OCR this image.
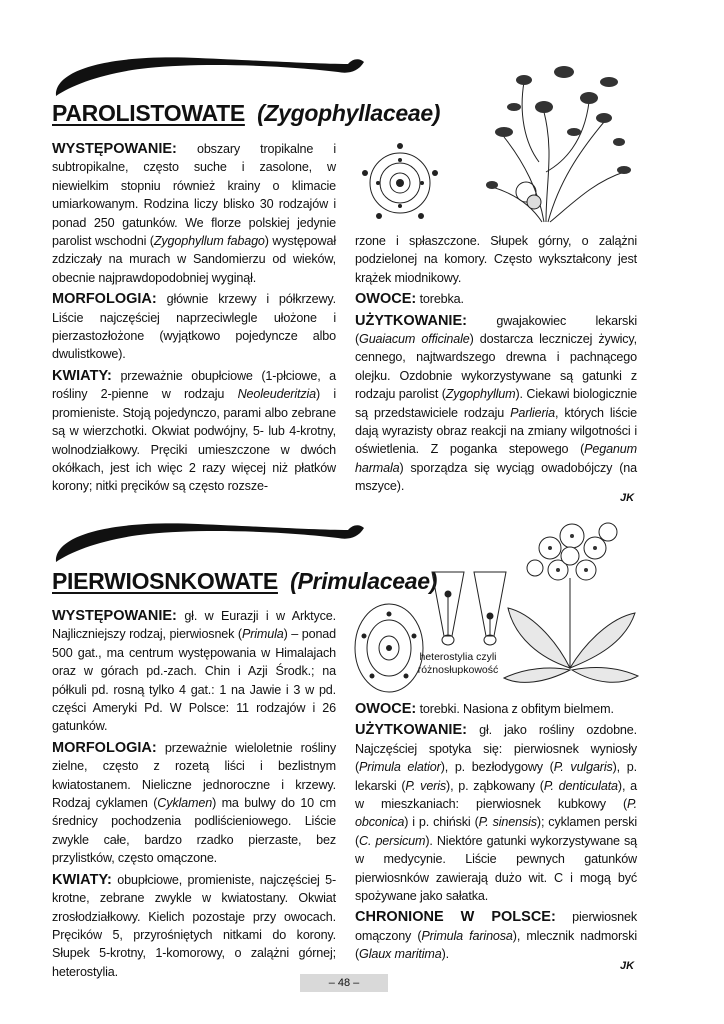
PAROLISTOWATE (Zygophyllaceae)

WYSTĘPOWANIE: obszary tropikalne i subtropikalne, często suche i zasolone, w niewielkim stopniu również krainy o klimacie umiarkowanym. Rodzina liczy blisko 30 rodzajów i ponad 250 gatunków. We florze polskiej jedynie parolist wschodni (Zygophyllum fabago) występował zdziczały na murach w Sandomierzu od wieków, obecnie najprawdopodobniej wyginął.

MORFOLOGIA: głównie krzewy i półkrzewy. Liście najczęściej naprzeciwlegle ułożone i pierzastozłożone (wyjątkowo pojedyncze albo dwulistkowe).

KWIATY: przeważnie obupłciowe (1-płciowe, a rośliny 2-pienne w rodzaju Neoleuderitzia) i promieniste. Stoją pojedynczo, parami albo zebrane są w wierzchotki. Okwiat podwójny, 5- lub 4-krotny, wolnodziałkowy. Pręciki umieszczone w dwóch okółkach, jest ich więc 2 razy więcej niż płatków korony; nitki pręcików są często rozsze-

rzone i spłaszczone. Słupek górny, o zalążni podzielonej na komory. Często wykształcony jest krążek miodnikowy.

OWOCE: torebka.

UŻYTKOWANIE: gwajakowiec lekarski (Guaiacum officinale) dostarcza leczniczej żywicy, cennego, najtwardszego drewna i pachnącego olejku. Ozdobnie wykorzystywane są gatunki z rodzaju parolist (Zygophyllum). Ciekawi biologicznie są przedstawiciele rodzaju Parlieria, których liście dają wyrazisty obraz reakcji na zmiany wilgotności i oświetlenia. Z poganka stepowego (Peganum harmala) sporządza się wyciąg owadobójczy (na mszyce).

JK
PIERWIOSNKOWATE (Primulaceae)
heterostylia czyli różnosłupkowość

WYSTĘPOWANIE: gł. w Eurazji i w Arktyce. Najliczniejszy rodzaj, pierwiosnek (Primula) – ponad 500 gat., ma centrum występowania w Himalajach oraz w górach pd.-zach. Chin i Azji Środk.; na półkuli pd. rosną tylko 4 gat.: 1 na Jawie i 3 w pd. części Ameryki Pd. W Polsce: 11 rodzajów i 26 gatunków.

MORFOLOGIA: przeważnie wieloletnie rośliny zielne, często z rozetą liści i bezlistnym kwiatostanem. Nieliczne jednoroczne i krzewy. Rodzaj cyklamen (Cyklamen) ma bulwy do 10 cm średnicy pochodzenia podliścieniowego. Liście zwykle całe, bardzo rzadko pierzaste, bez przylistków, często omączone.

KWIATY: obupłciowe, promieniste, najczęściej 5-krotne, zebrane zwykle w kwiatostany. Okwiat zrosłodziałkowy. Kielich pozostaje przy owocach. Pręcików 5, przyrośniętych nitkami do korony. Słupek 5-krotny, 1-komorowy, o zalążni górnej; heterostylia.

OWOCE: torebki. Nasiona z obfitym bielmem.

UŻYTKOWANIE: gł. jako rośliny ozdobne. Najczęściej spotyka się: pierwiosnek wyniosły (Primula elatior), p. bezłodygowy (P. vulgaris), p. lekarski (P. veris), p. ząbkowany (P. denticulata), a w mieszkaniach: pierwiosnek kubkowy (P. obconica) i p. chiński (P. sinensis); cyklamen perski (C. persicum). Niektóre gatunki wykorzystywane są w medycynie. Liście pewnych gatunków pierwiosnków zawierają dużo wit. C i mogą być spożywane jako sałatka.

CHRONIONE W POLSCE: pierwiosnek omączony (Primula farinosa), mlecznik nadmorski (Glaux maritima).

JK
– 48 –
